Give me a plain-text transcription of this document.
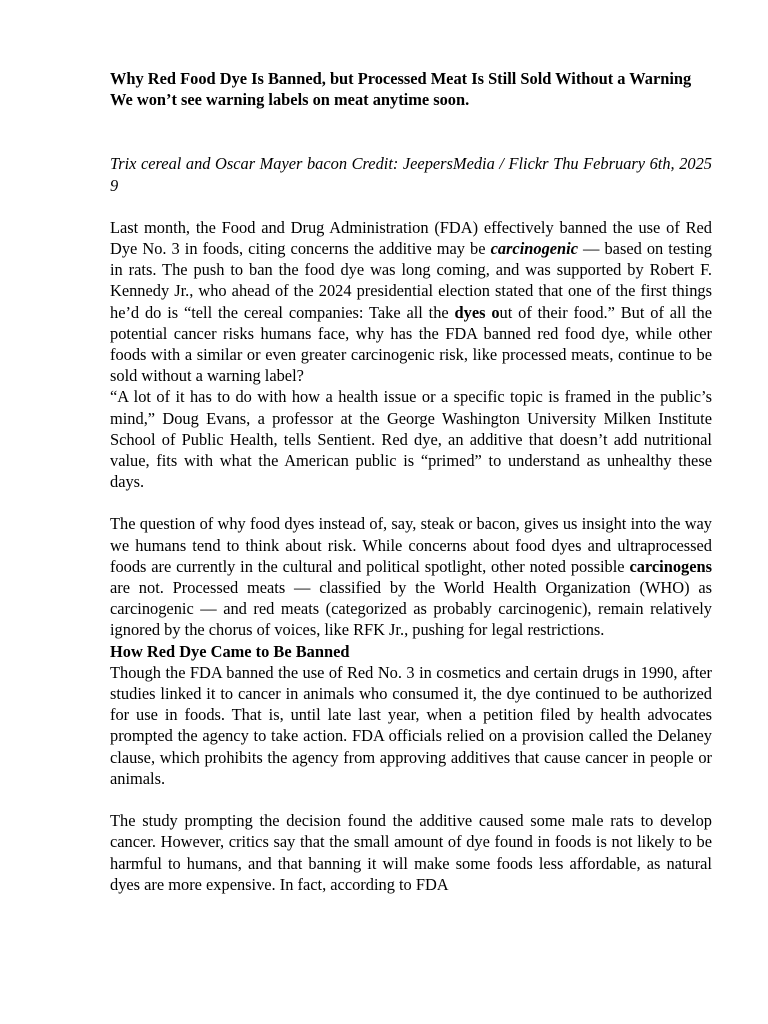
Why Red Food Dye Is Banned, but Processed Meat Is Still Sold Without a Warning
We won’t see warning labels on meat anytime soon.
Trix cereal and Oscar Mayer bacon Credit: JeepersMedia / Flickr Thu February 6th, 2025 9

Last month, the Food and Drug Administration (FDA) effectively banned the use of Red Dye No. 3 in foods, citing concerns the additive may be carcinogenic — based on testing in rats. The push to ban the food dye was long coming, and was supported by Robert F. Kennedy Jr., who ahead of the 2024 presidential election stated that one of the first things he’d do is “tell the cereal companies: Take all the dyes out of their food.” But of all the potential cancer risks humans face, why has the FDA banned red food dye, while other foods with a similar or even greater carcinogenic risk, like processed meats, continue to be sold without a warning label?

“A lot of it has to do with how a health issue or a specific topic is framed in the public’s mind,” Doug Evans, a professor at the George Washington University Milken Institute School of Public Health, tells Sentient. Red dye, an additive that doesn’t add nutritional value, fits with what the American public is “primed” to understand as unhealthy these days.

The question of why food dyes instead of, say, steak or bacon, gives us insight into the way we humans tend to think about risk. While concerns about food dyes and ultraprocessed foods are currently in the cultural and political spotlight, other noted possible carcinogens are not. Processed meats — classified by the World Health Organization (WHO) as carcinogenic — and red meats (categorized as probably carcinogenic), remain relatively ignored by the chorus of voices, like RFK Jr., pushing for legal restrictions.

How Red Dye Came to Be Banned

Though the FDA banned the use of Red No. 3 in cosmetics and certain drugs in 1990, after studies linked it to cancer in animals who consumed it, the dye continued to be authorized for use in foods. That is, until late last year, when a petition filed by health advocates prompted the agency to take action. FDA officials relied on a provision called the Delaney clause, which prohibits the agency from approving additives that cause cancer in people or animals.

The study prompting the decision found the additive caused some male rats to develop cancer. However, critics say that the small amount of dye found in foods is not likely to be harmful to humans, and that banning it will make some foods less affordable, as natural dyes are more expensive. In fact, according to FDA
